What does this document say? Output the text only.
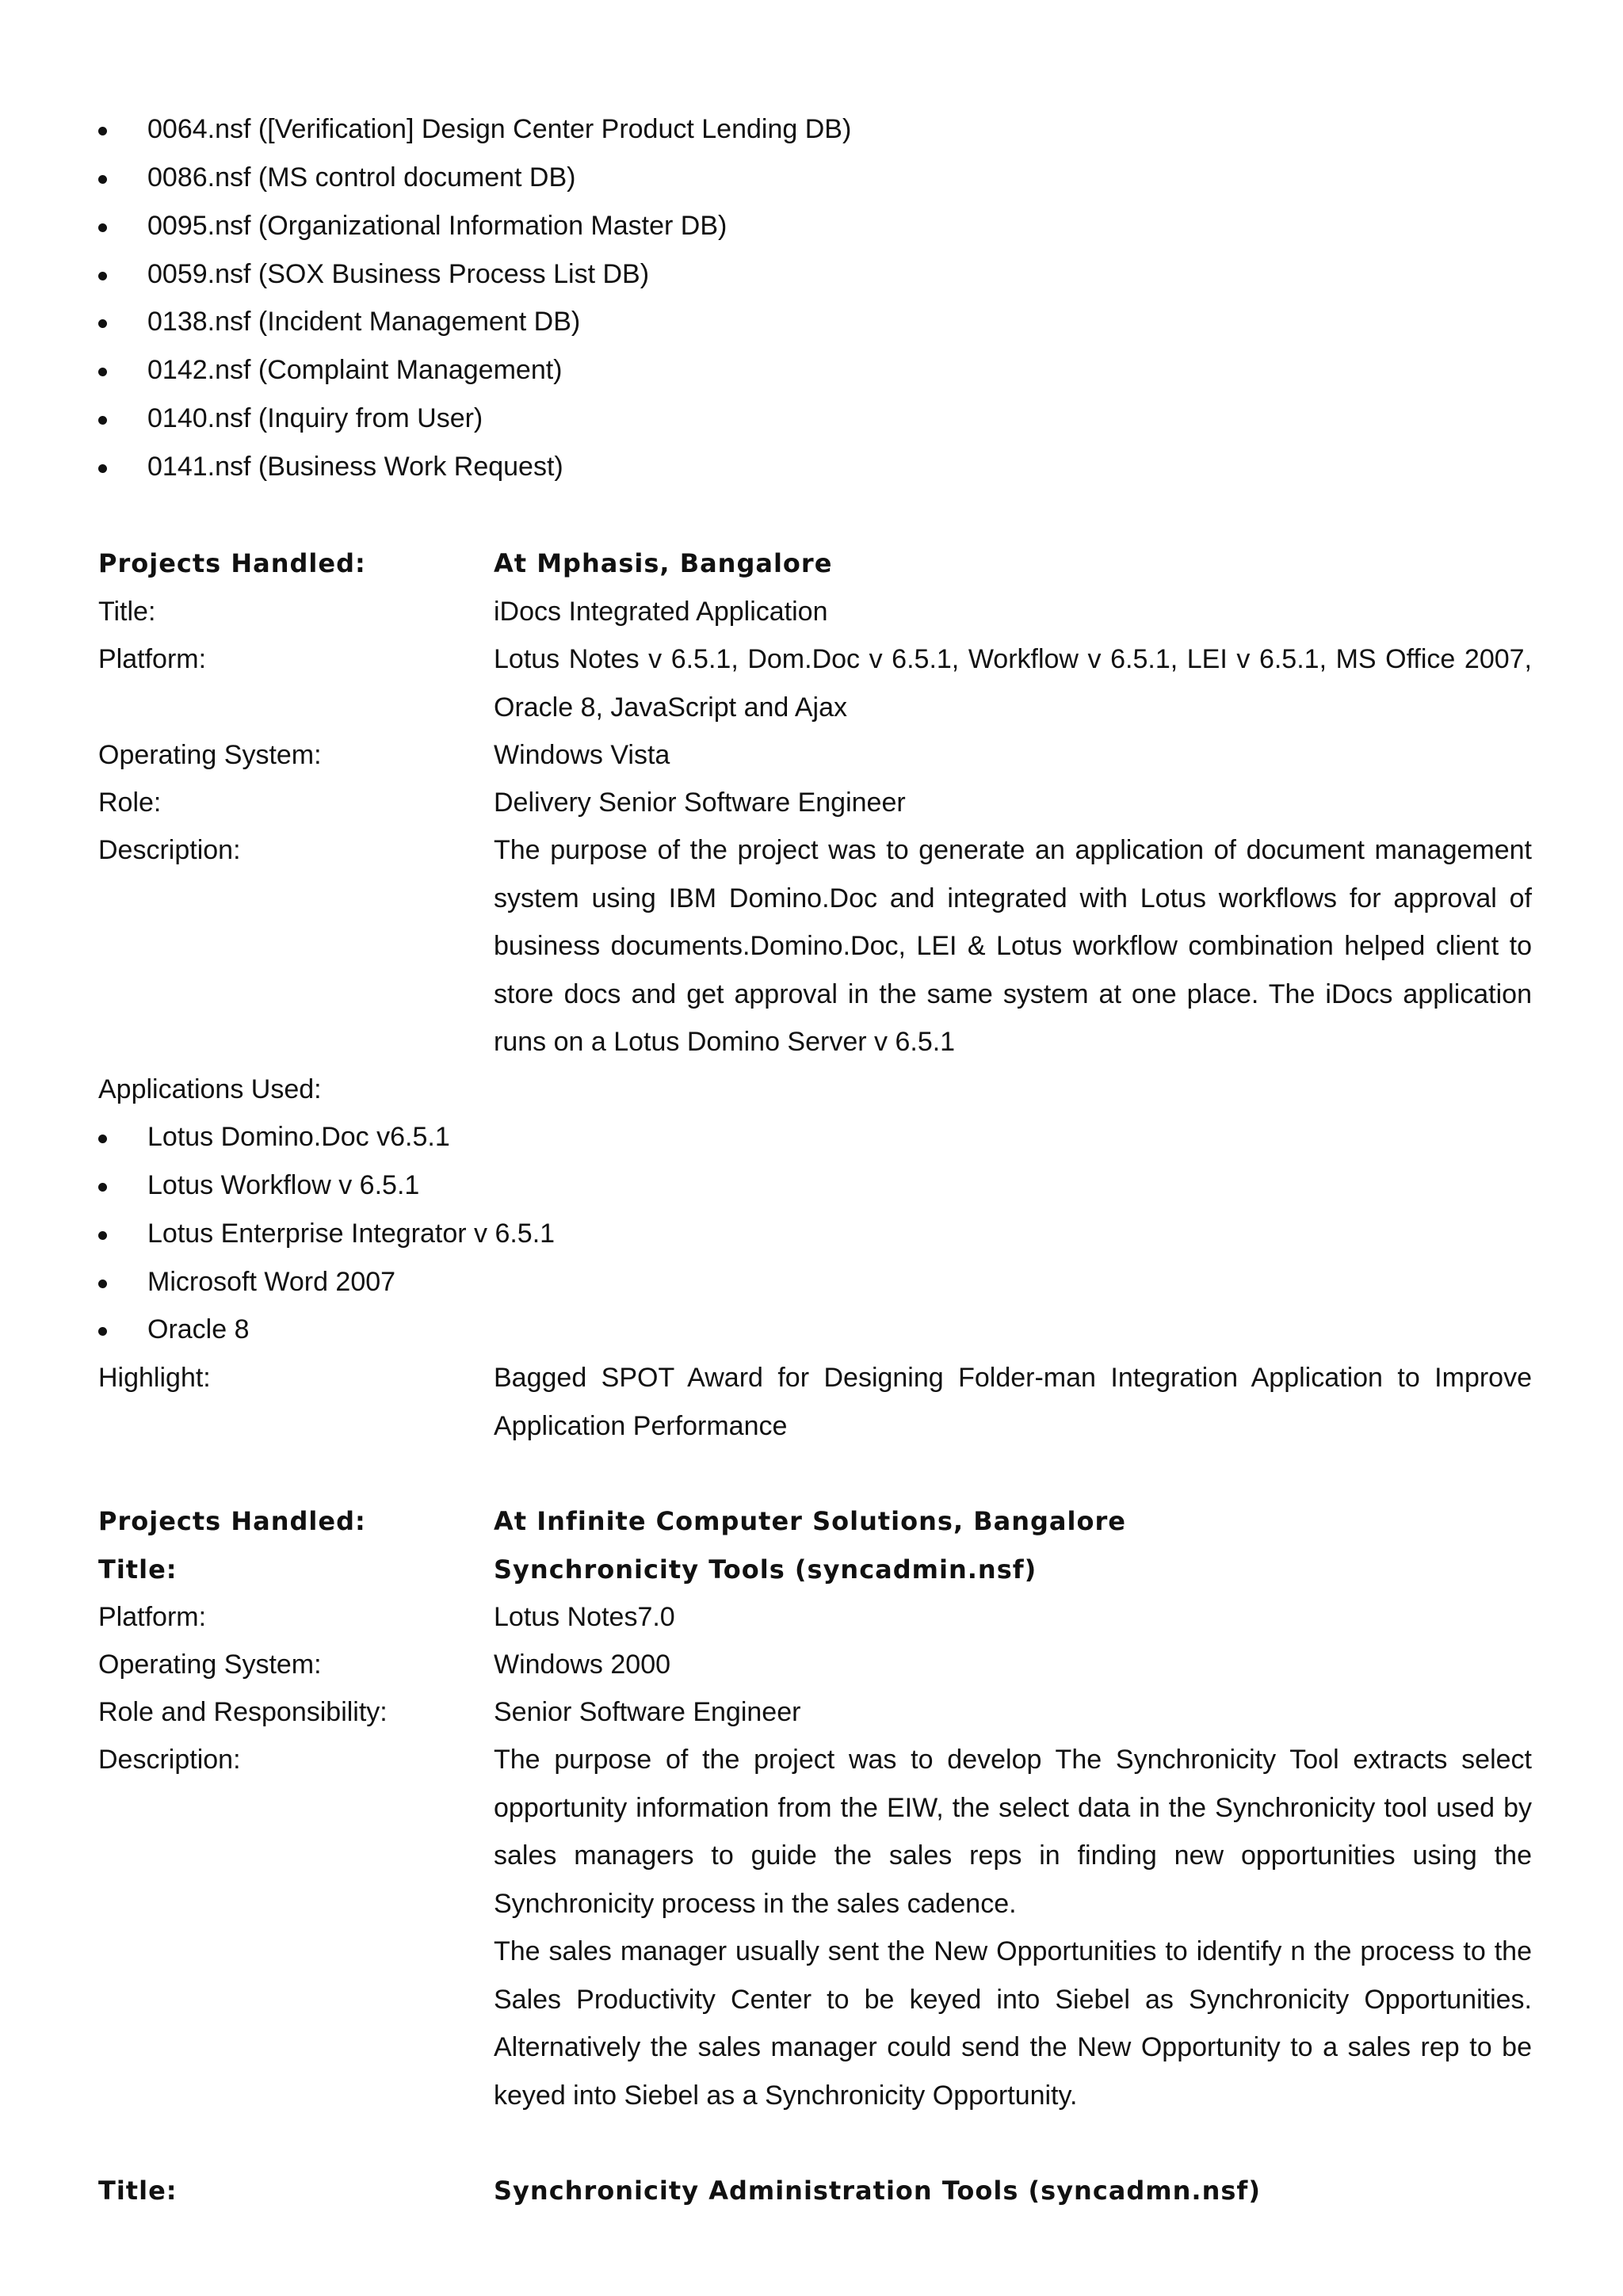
0064.nsf ([Verification] Design Center Product Lending DB)
0086.nsf (MS control document DB)
0095.nsf (Organizational Information Master DB)
0059.nsf (SOX Business Process List DB)
0138.nsf (Incident Management DB)
0142.nsf (Complaint Management)
0140.nsf (Inquiry from User)
0141.nsf (Business Work Request)
Projects Handled:	At Mphasis, Bangalore
Title:	iDocs Integrated Application
Platform:	Lotus Notes v 6.5.1, Dom.Doc v 6.5.1, Workflow v 6.5.1, LEI v 6.5.1, MS Office 2007, Oracle 8, JavaScript and Ajax
Operating System:	Windows Vista
Role:	Delivery Senior Software Engineer
Description:	The purpose of the project was to generate an application of document management system using IBM Domino.Doc and integrated with Lotus workflows for approval of business documents.Domino.Doc, LEI & Lotus workflow combination helped client to store docs and get approval in the same system at one place. The iDocs application runs on a Lotus Domino Server v 6.5.1
Applications Used:
Lotus Domino.Doc v6.5.1
Lotus Workflow v 6.5.1
Lotus Enterprise Integrator v 6.5.1
Microsoft Word 2007
Oracle 8
Highlight:	Bagged SPOT Award for Designing Folder-man Integration Application to Improve Application Performance
Projects Handled:	At Infinite Computer Solutions, Bangalore
Title:	Synchronicity Tools (syncadmin.nsf)
Platform:	Lotus Notes7.0
Operating System:	Windows 2000
Role and Responsibility:	Senior Software Engineer
Description:	The purpose of the project was to develop The Synchronicity Tool extracts select opportunity information from the EIW, the select data in the Synchronicity tool used by sales managers to guide the sales reps in finding new opportunities using the Synchronicity process in the sales cadence.

The sales manager usually sent the New Opportunities to identify n the process to the Sales Productivity Center to be keyed into Siebel as Synchronicity Opportunities. Alternatively the sales manager could send the New Opportunity to a sales rep to be keyed into Siebel as a Synchronicity Opportunity.

Title:	Synchronicity Administration Tools (syncadmn.nsf)
